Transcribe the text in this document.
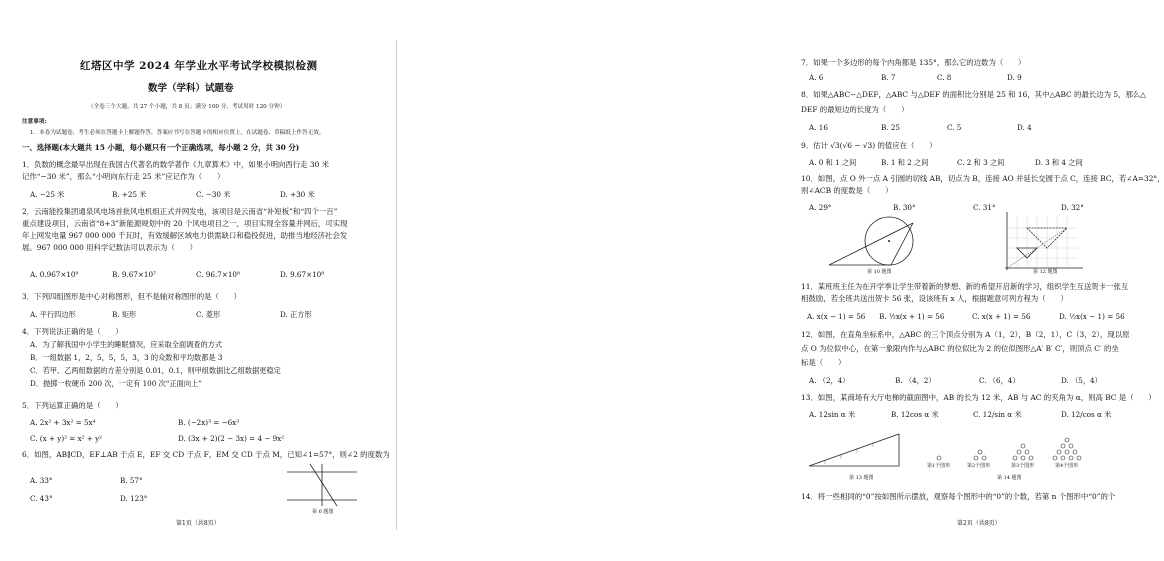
红塔区中学 2024 年学业水平考试学校模拟检测
数学（学科）试题卷
（全卷三个大题，共 27 个小题，共 8 页；满分 100 分，考试用时 120 分钟）
注意事项:
1．本卷为试题卷，考生必须在答题卡上解题作答，答案应书写在答题卡的相应位置上，在试题卷、草稿纸上作答无效。
一、选择题(本大题共 15 小题，每小题只有一个正确选项，每小题 2 分，共 30 分)
1．负数的概念最早出现在我国古代著名的数学著作《九章算术》中，如果小明向西行走 30 米
记作“−30 米”，那么“小明向东行走 25 米”应记作为（　　）
A. −25 米	B. +25 米	C. −30 米	D. +30 米
2．云南能投集团通泉风电场首批风电机组正式并网发电，该项目是云南省“补短板”和“四个一百”
重点建设项目，云南省“8+3”新能源规划中的 20 个风电项目之一，项目实现全容量并网后，可实现
年上网发电量 967 000 000 千瓦时，有效缓解区域电力供需缺口和稳投促进，助推当地经济社会发
展。967 000 000 用科学记数法可以表示为（　　）
A. 0.967×10⁹	B. 9.67×10⁷	C. 96.7×10⁸	D. 9.67×10⁸
3．下列四组图形是中心对称图形，但不是轴对称图形的是（　　）
A. 平行四边形	B. 矩形	C. 菱形	D. 正方形
4．下列说法正确的是（　　）
A．为了解我国中小学生的睡眠情况，应采取全面调查的方式
B．一组数据 1，2，5，5，5，3，3 的众数和平均数都是 3
C．若甲、乙两组数据的方差分别是 0.01，0.1，则甲组数据比乙组数据更稳定
D．抛掷一枚硬币 200 次，一定有 100 次“正面向上”
5．下列运算正确的是（　　）
A. 2x² + 3x² = 5x⁴	B. (−2x)³ = −6x³
C. (x + y)² = x² + y²	D. (3x + 2)(2 − 3x) = 4 − 9x²
6．如图，AB∥CD，EF⊥AB 于点 E，EF 交 CD 于点 F，EM 交 CD 于点 M，已知∠1=57°，则∠2 的度数为
A. 33°	B. 57°
C. 43°	D. 123°
第 6 题图
第1页（共8页）
7．如果一个多边形的每个内角都是 135°，那么它的边数为（　　）
A. 6	B. 7	C. 8	D. 9
8．如果△ABC∽△DEF，△ABC 与△DEF 的面积比分别是 25 和 16，其中△ABC 的最长边为 5，那么△
DEF 的最短边的长度为（　　）
A. 16	B. 25	C. 5	D. 4
9．估计 √3(√6 − √3) 的值应在（　　）
A. 0 和 1 之间	B. 1 和 2 之间	C. 2 和 3 之间	D. 3 和 4 之间
10．如图，点 O 外一点 A 引圆的切线 AB，切点为 B，连接 AO 并延长交圆于点 C，连接 BC，若∠A=32°，
则∠ACB 的度数是（　　）
A. 29°	B. 30°	C. 31°	D. 32°
第 10 题图	第 12 题图
11．某班班主任为在开学季让学生带着新的梦想、新的希望开启新的学习，组织学生互送贺卡一张互
相鼓励，若全班共送出贺卡 56 张，设该班有 x 人，根据题意可列方程为（　　）
A. x(x − 1) = 56 B. ½x(x + 1) = 56	C. x(x + 1) = 56	D. ½x(x − 1) = 56
12．如图，在直角坐标系中，△ABC 的三个顶点分别为 A（1，2），B（2，1），C（3，2），现以原
点 O 为位似中心，在第一象限内作与△ABC 的位似比为 2 的位似图形△A′ B′ C′，则顶点 C′ 的坐
标是（　　）
A. （2，4）	B. （4，2）	C. （6，4）	D. （5，4）
13．如图，某商场有大厅电梯的截面图中，AB 的长为 12 米，AB 与 AC 的夹角为 α，则高 BC 是（　　）
A. 12sin α 米	B. 12cos α 米	C. 12/sin α 米	D. 12/cos α 米
第 13 题图
第1个图形	第2个图形	第3个图形	第4个图形
第 14 题图
14．将一些相同的“0”按如图所示摆放，观察每个图形中的“0”的个数，若第 n 个图形中“0”的个
第2页（共8页）
